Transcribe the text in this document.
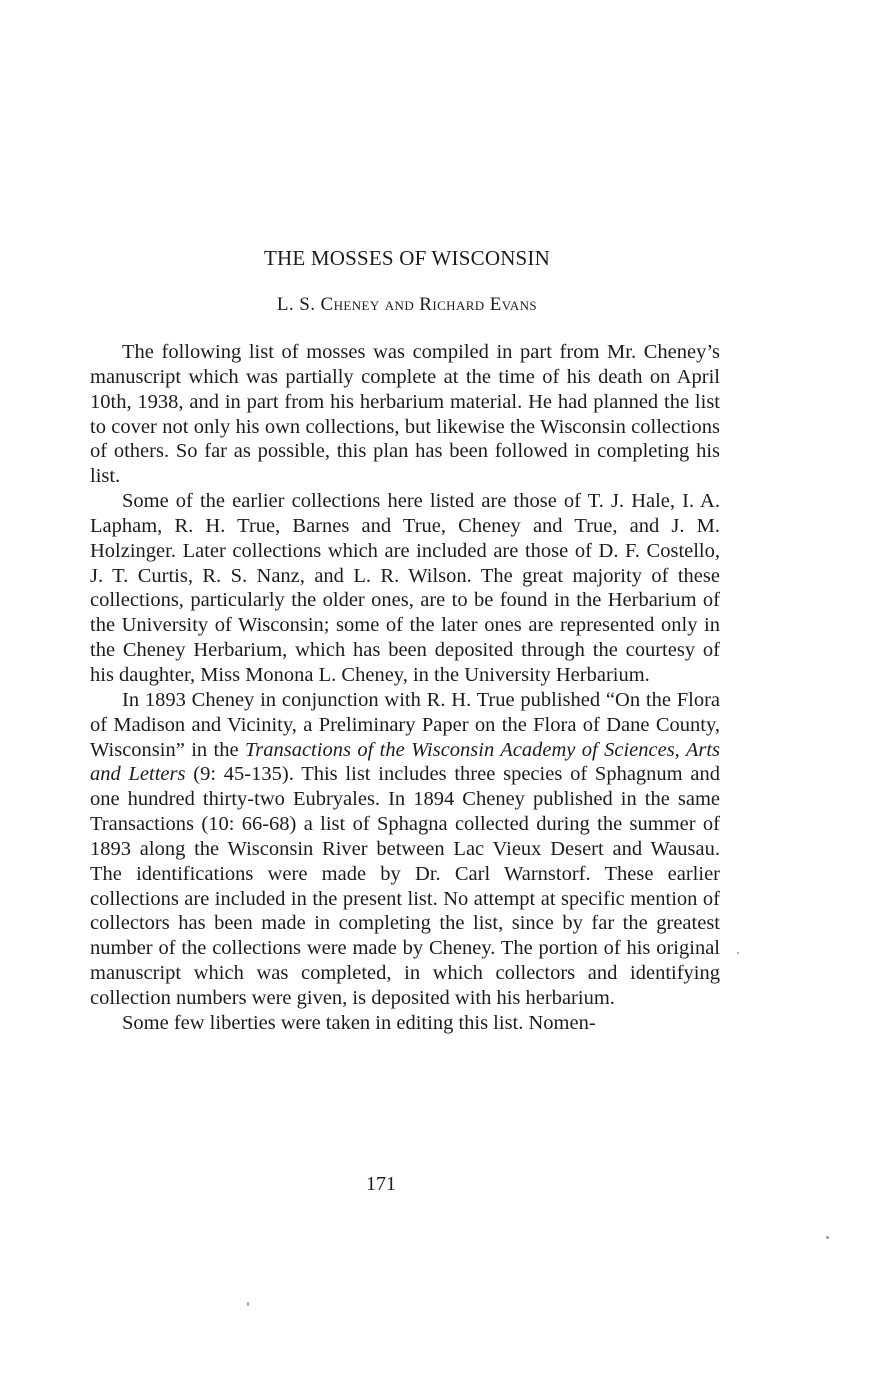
THE MOSSES OF WISCONSIN
L. S. Cheney and Richard Evans

The following list of mosses was compiled in part from Mr. Cheney’s manuscript which was partially complete at the time of his death on April 10th, 1938, and in part from his herbarium material. He had planned the list to cover not only his own collections, but likewise the Wisconsin collections of others. So far as possible, this plan has been followed in completing his list.

Some of the earlier collections here listed are those of T. J. Hale, I. A. Lapham, R. H. True, Barnes and True, Cheney and True, and J. M. Holzinger. Later collections which are included are those of D. F. Costello, J. T. Curtis, R. S. Nanz, and L. R. Wilson. The great majority of these collections, particularly the older ones, are to be found in the Herbarium of the University of Wisconsin; some of the later ones are represented only in the Cheney Herbarium, which has been deposited through the courtesy of his daughter, Miss Monona L. Cheney, in the University Herbarium.

In 1893 Cheney in conjunction with R. H. True published “On the Flora of Madison and Vicinity, a Preliminary Paper on the Flora of Dane County, Wisconsin” in the Transactions of the Wisconsin Academy of Sciences, Arts and Letters (9: 45-135). This list includes three species of Sphagnum and one hundred thirty-two Eubryales. In 1894 Cheney published in the same Transactions (10: 66-68) a list of Sphagna collected during the summer of 1893 along the Wisconsin River between Lac Vieux Desert and Wausau. The identifications were made by Dr. Carl Warnstorf. These earlier collections are included in the present list. No attempt at specific mention of collectors has been made in completing the list, since by far the greatest number of the collections were made by Cheney. The portion of his original manuscript which was completed, in which collectors and identifying collection numbers were given, is deposited with his herbarium.

Some few liberties were taken in editing this list. Nomen-

171
